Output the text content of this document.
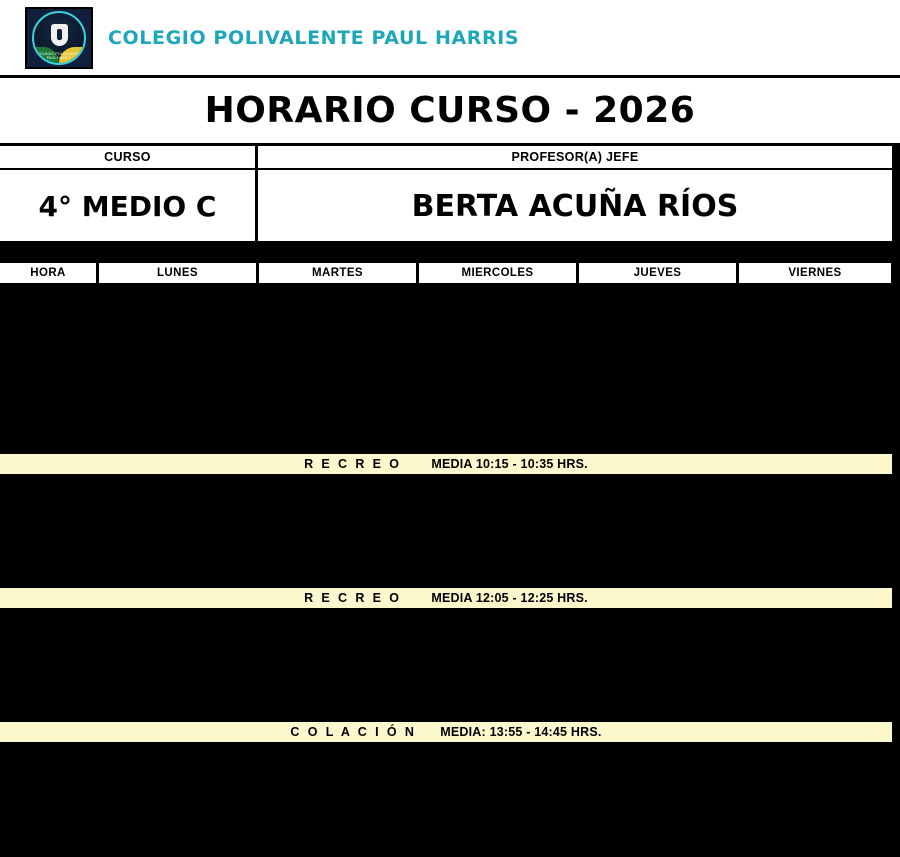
COLEGIO POLIVALENTE PAUL HARRIS
COLEGIO POLIVALENTE PAUL HARRIS
HORARIO CURSO - 2026
CURSO	PROFESOR(A) JEFE
4° MEDIO C	BERTA ACUÑA RÍOS
HORA	LUNES	MARTES	MIERCOLES	JUEVES	VIERNES
R E C R E O MEDIA 10:15 - 10:35 HRS.
R E C R E O MEDIA 12:05 - 12:25 HRS.
C O L A C I Ó N MEDIA: 13:55 - 14:45 HRS.
